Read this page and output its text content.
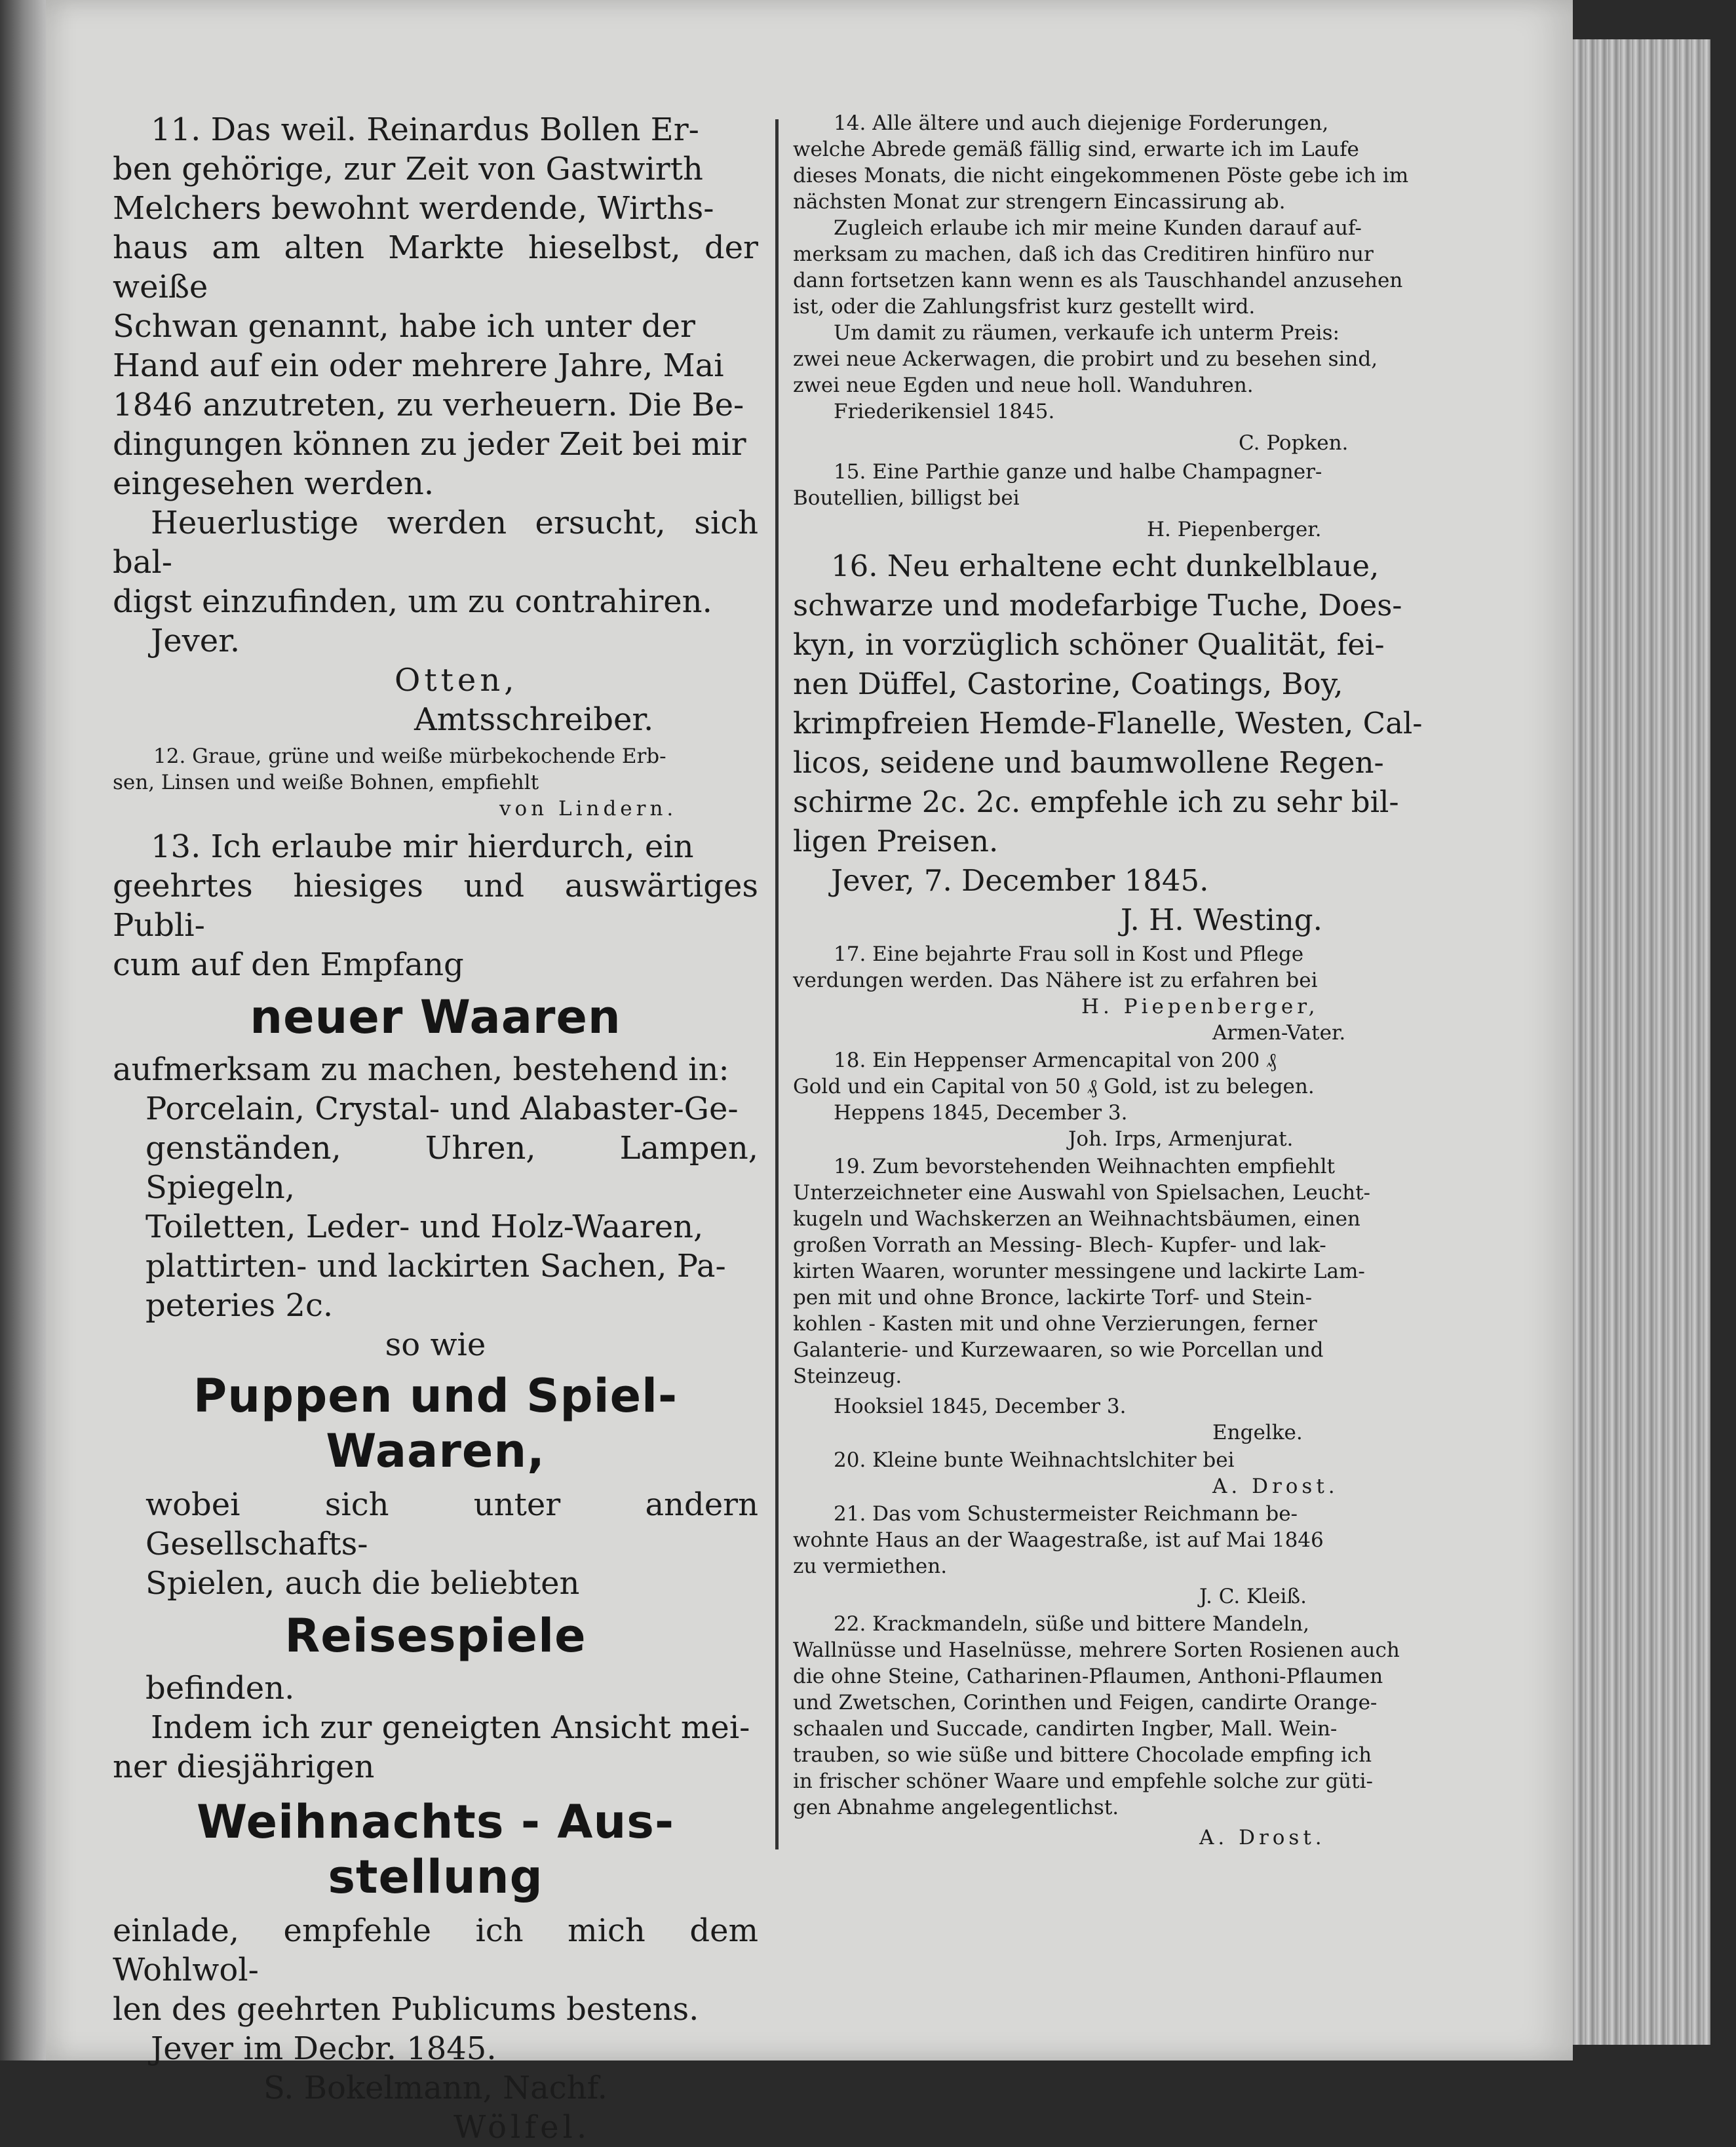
11. Das weil. Reinardus Bollen Er-

ben gehörige, zur Zeit von Gastwirth

Melchers bewohnt werdende, Wirths-

haus am alten Markte hieselbst, der weiße

Schwan genannt, habe ich unter der

Hand auf ein oder mehrere Jahre, Mai

1846 anzutreten, zu verheuern. Die Be-

dingungen können zu jeder Zeit bei mir

eingesehen werden.

Heuerlustige werden ersucht, sich bal-

digst einzufinden, um zu contrahiren.

Jever.

Otten,

Amtsschreiber.

12. Graue, grüne und weiße mürbekochende Erb-

sen, Linsen und weiße Bohnen, empfiehlt

von Lindern.

13. Ich erlaube mir hierdurch, ein

geehrtes hiesiges und auswärtiges Publi-

cum auf den Empfang

neuer Waaren

aufmerksam zu machen, bestehend in:

Porcelain, Crystal- und Alabaster-Ge-

genständen, Uhren, Lampen, Spiegeln,

Toiletten, Leder- und Holz-Waaren,

plattirten- und lackirten Sachen, Pa-

peteries 2c.

so wie

Puppen und Spiel-

Waaren,

wobei sich unter andern Gesellschafts-

Spielen, auch die beliebten

Reisespiele

befinden.

Indem ich zur geneigten Ansicht mei-

ner diesjährigen

Weihnachts - Aus-

stellung

einlade, empfehle ich mich dem Wohlwol-

len des geehrten Publicums bestens.

Jever im Decbr. 1845.

S. Bokelmann, Nachf.

Wölfel.

14. Alle ältere und auch diejenige Forderungen,

welche Abrede gemäß fällig sind, erwarte ich im Laufe

dieses Monats, die nicht eingekommenen Pöste gebe ich im

nächsten Monat zur strengern Eincassirung ab.

Zugleich erlaube ich mir meine Kunden darauf auf-

merksam zu machen, daß ich das Creditiren hinfüro nur

dann fortsetzen kann wenn es als Tauschhandel anzusehen

ist, oder die Zahlungsfrist kurz gestellt wird.

Um damit zu räumen, verkaufe ich unterm Preis:

zwei neue Ackerwagen, die probirt und zu besehen sind,

zwei neue Egden und neue holl. Wanduhren.

Friederikensiel 1845.

C. Popken.

15. Eine Parthie ganze und halbe Champagner-

Boutellien, billigst bei

H. Piepenberger.

16. Neu erhaltene echt dunkelblaue,

schwarze und modefarbige Tuche, Does-

kyn, in vorzüglich schöner Qualität, fei-

nen Düffel, Castorine, Coatings, Boy,

krimpfreien Hemde-Flanelle, Westen, Cal-

licos, seidene und baumwollene Regen-

schirme 2c. 2c. empfehle ich zu sehr bil-

ligen Preisen.

Jever, 7. December 1845.

J. H. Westing.

17. Eine bejahrte Frau soll in Kost und Pflege

verdungen werden. Das Nähere ist zu erfahren bei

H. Piepenberger,

Armen-Vater.

18. Ein Heppenser Armencapital von 200 ₰

Gold und ein Capital von 50 ₰ Gold, ist zu belegen.

Heppens 1845, December 3.

Joh. Irps, Armenjurat.

19. Zum bevorstehenden Weihnachten empfiehlt

Unterzeichneter eine Auswahl von Spielsachen, Leucht-

kugeln und Wachskerzen an Weihnachtsbäumen, einen

großen Vorrath an Messing- Blech- Kupfer- und lak-

kirten Waaren, worunter messingene und lackirte Lam-

pen mit und ohne Bronce, lackirte Torf- und Stein-

kohlen - Kasten mit und ohne Verzierungen, ferner

Galanterie- und Kurzewaaren, so wie Porcellan und

Steinzeug.

Hooksiel 1845, December 3.

Engelke.

20. Kleine bunte Weihnachtslchiter bei

A. Drost.

21. Das vom Schustermeister Reichmann be-

wohnte Haus an der Waagestraße, ist auf Mai 1846

zu vermiethen.

J. C. Kleiß.

22. Krackmandeln, süße und bittere Mandeln,

Wallnüsse und Haselnüsse, mehrere Sorten Rosienen auch

die ohne Steine, Catharinen-Pflaumen, Anthoni-Pflaumen

und Zwetschen, Corinthen und Feigen, candirte Orange-

schaalen und Succade, candirten Ingber, Mall. Wein-

trauben, so wie süße und bittere Chocolade empfing ich

in frischer schöner Waare und empfehle solche zur güti-

gen Abnahme angelegentlichst.

A. Drost.
